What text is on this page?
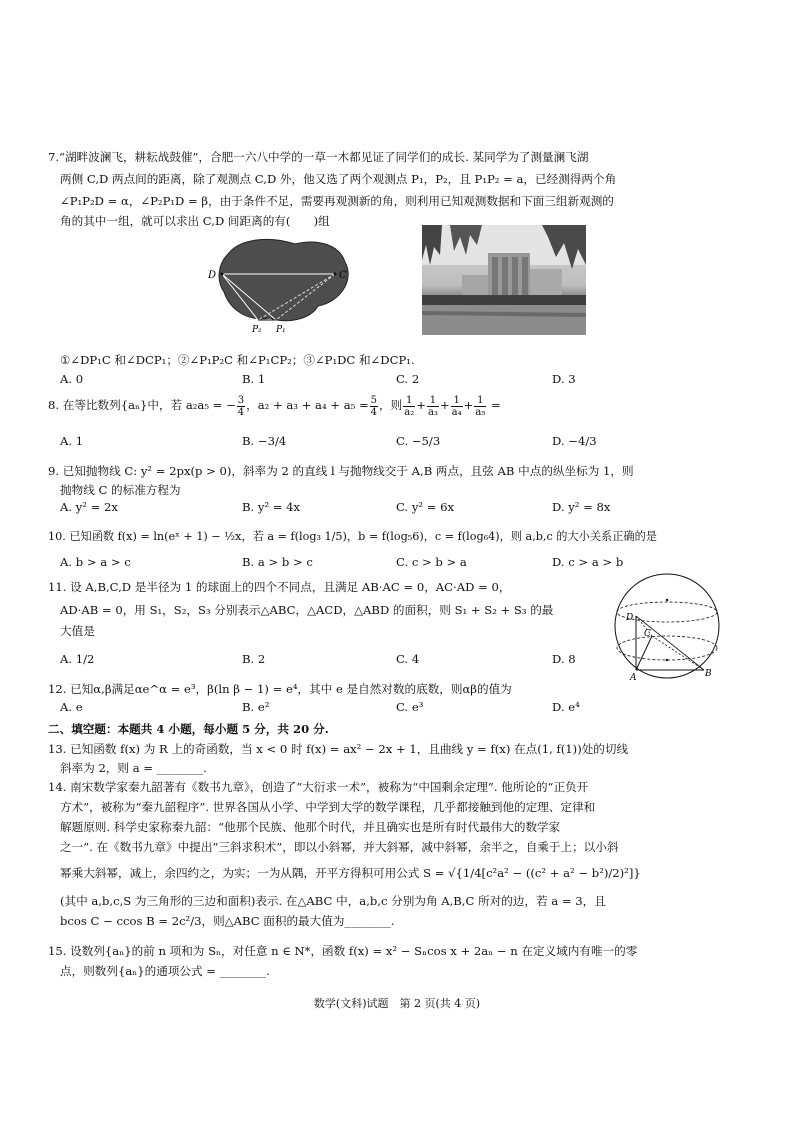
7.“湖畔波澜飞，耕耘战鼓催”，合肥一六八中学的一草一木都见证了同学们的成长. 某同学为了测量澜飞湖
两侧 C,D 两点间的距离，除了观测点 C,D 外，他又选了两个观测点 P₁，P₂，且 P₁P₂ = a，已经测得两个角
∠P₁P₂D = α，∠P₂P₁D = β，由于条件不足，需要再观测新的角，则利用已知观测数据和下面三组新观测的
角的其中一组，就可以求出 C,D 间距离的有(　　)组
D	C
P₂ P₁
①∠DP₁C 和∠DCP₁；②∠P₁P₂C 和∠P₁CP₂；③∠P₁DC 和∠DCP₁.
A. 0	B. 1	C. 2	D. 3
8. 在等比数列{aₙ}中，若 a₂a₅ = − $\frac{3}{4}$ ，$a_2 + a_3 + a_4 + a_5 = \frac{5}{4}$ ，则 $\frac{1}{\text{a₂}} + \frac{1}{\text{a₃}} + \frac{1}{\text{a₄}} + \frac{1}{\text{a₅}}$ =
A. 1	B. −3/4	C. −5/3	D. −4/3
9. 已知抛物线 C: y² = 2px(p > 0)，斜率为 2 的直线 l 与抛物线交于 A,B 两点，且弦 AB 中点的纵坐标为 1，则
抛物线 C 的标准方程为
A. y² = 2x	B. y² = 4x	C. y² = 6x	D. y² = 8x
10. 已知函数 f(x) = ln(eˣ + 1) − ½x，若 a = f(log₃ 1/5)，b = f(log₅6)，c = f(log₆4)，则 a,b,c 的大小关系正确的是
A. b > a > c	B. a > b > c	C. c > b > a	D. c > a > b
11. 设 A,B,C,D 是半径为 1 的球面上的四个不同点，且满足 AB·AC = 0，AC·AD = 0，
AD·AB = 0，用 S₁，S₂，S₃ 分别表示△ABC，△ACD，△ABD 的面积，则 S₁ + S₂ + S₃ 的最
大值是
D
C
A	B
A. 1/2	B. 2	C. 4	D. 8
12. 已知α,β满足αe^α = e³，β(ln β − 1) = e⁴，其中 e 是自然对数的底数，则αβ的值为
A. e	B. e²	C. e³	D. e⁴
二、填空题：本题共 4 小题，每小题 5 分，共 20 分.
13. 已知函数 f(x) 为 R 上的奇函数，当 x < 0 时 f(x) = ax² − 2x + 1，且曲线 y = f(x) 在点(1, f(1))处的切线
斜率为 2，则 a = ________.
14. 南宋数学家秦九韶著有《数书九章》，创造了“大衍求一术”，被称为“中国剩余定理”. 他所论的“正负开
方术”，被称为“秦九韶程序”. 世界各国从小学、中学到大学的数学课程，几乎都接触到他的定理、定律和
解题原则. 科学史家称秦九韶：“他那个民族、他那个时代，并且确实也是所有时代最伟大的数学家
之一”. 在《数书九章》中提出“三斜求积术”，即以小斜幂，并大斜幂，减中斜幂，余半之，自乘于上；以小斜
幂乘大斜幂，减上，余四约之，为实；一为从隅，开平方得积可用公式 S = √{1/4[c²a² − ((c² + a² − b²)/2)²]}
(其中 a,b,c,S 为三角形的三边和面积)表示. 在△ABC 中，a,b,c 分别为角 A,B,C 所对的边，若 a = 3，且
bcos C − ccos B = 2c²/3，则△ABC 面积的最大值为________.
15. 设数列{aₙ}的前 n 项和为 Sₙ，对任意 n ∈ N*，函数 f(x) = x² − Sₙcos x + 2aₙ − n 在定义域内有唯一的零
点，则数列{aₙ}的通项公式 = ________.
数学(文科)试题　第 2 页(共 4 页)
